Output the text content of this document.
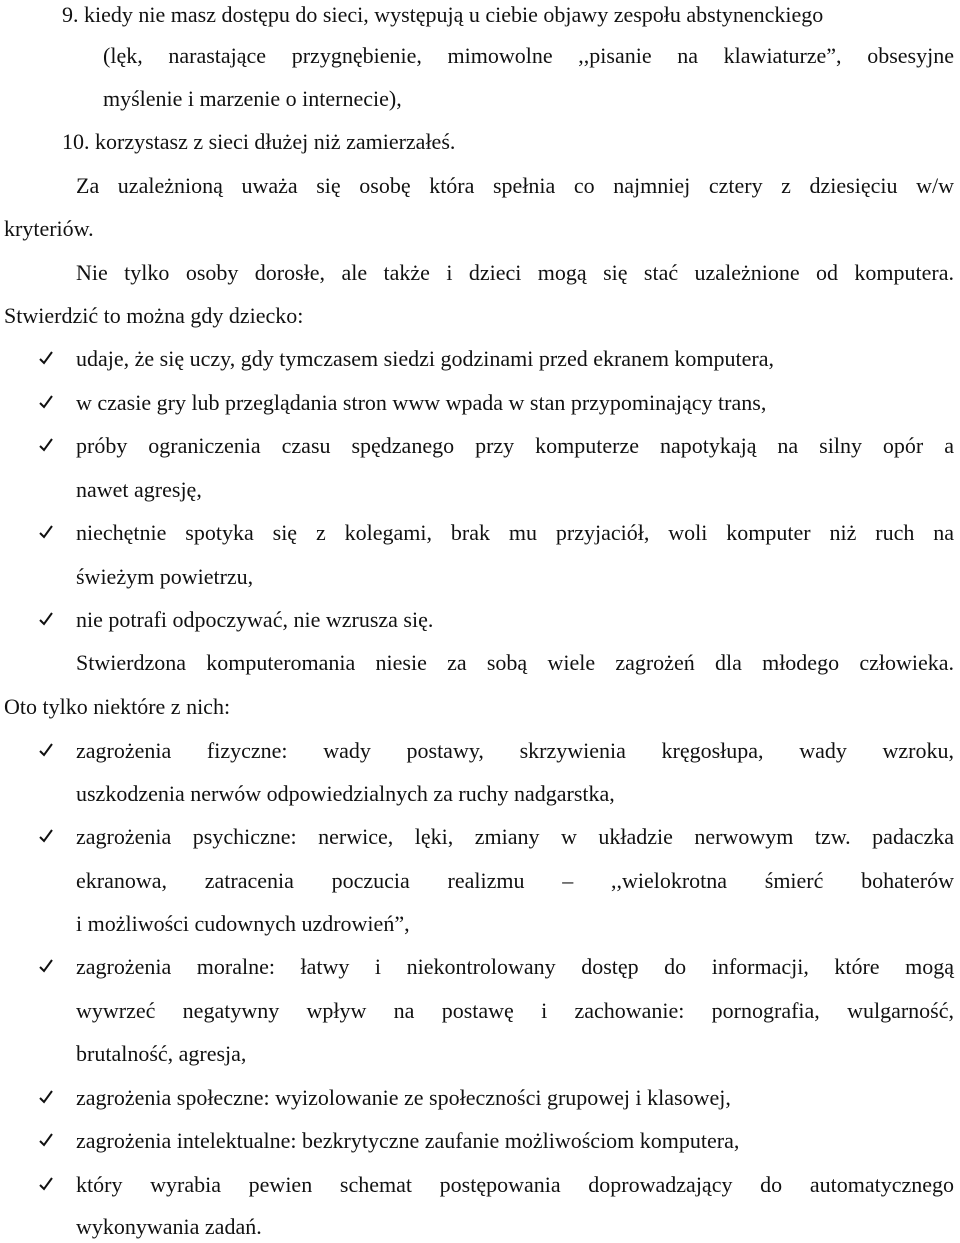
9. kiedy nie masz dostępu do sieci, występują u ciebie objawy zespołu abstynenckiego
(lęk, narastające przygnębienie, mimowolne ,,pisanie na klawiaturze”, obsesyjne
myślenie i marzenie o internecie),
10. korzystasz z sieci dłużej niż zamierzałeś.
Za uzależnioną uważa się osobę która spełnia co najmniej cztery z dziesięciu w/w
kryteriów.
Nie tylko osoby dorosłe, ale także i dzieci mogą się stać uzależnione od komputera.
Stwierdzić to można gdy dziecko:
udaje, że się uczy, gdy tymczasem siedzi godzinami przed ekranem komputera,
w czasie gry lub przeglądania stron www wpada w stan przypominający trans,
próby ograniczenia czasu spędzanego przy komputerze napotykają na silny opór a
nawet agresję,
niechętnie spotyka się z kolegami, brak mu przyjaciół, woli komputer niż ruch na
świeżym powietrzu,
nie potrafi odpoczywać, nie wzrusza się.
Stwierdzona komputeromania niesie za sobą wiele zagrożeń dla młodego człowieka.
Oto tylko niektóre z nich:
zagrożenia fizyczne: wady postawy, skrzywienia kręgosłupa, wady wzroku,
uszkodzenia nerwów odpowiedzialnych za ruchy nadgarstka,
zagrożenia psychiczne: nerwice, lęki, zmiany w układzie nerwowym tzw. padaczka
ekranowa, zatracenia poczucia realizmu – ,,wielokrotna śmierć bohaterów
i możliwości cudownych uzdrowień”,
zagrożenia moralne: łatwy i niekontrolowany dostęp do informacji, które mogą
wywrzeć negatywny wpływ na postawę i zachowanie: pornografia, wulgarność,
brutalność, agresja,
zagrożenia społeczne: wyizolowanie ze społeczności grupowej i klasowej,
zagrożenia intelektualne: bezkrytyczne zaufanie możliwościom komputera,
który wyrabia pewien schemat postępowania doprowadzający do automatycznego
wykonywania zadań.
